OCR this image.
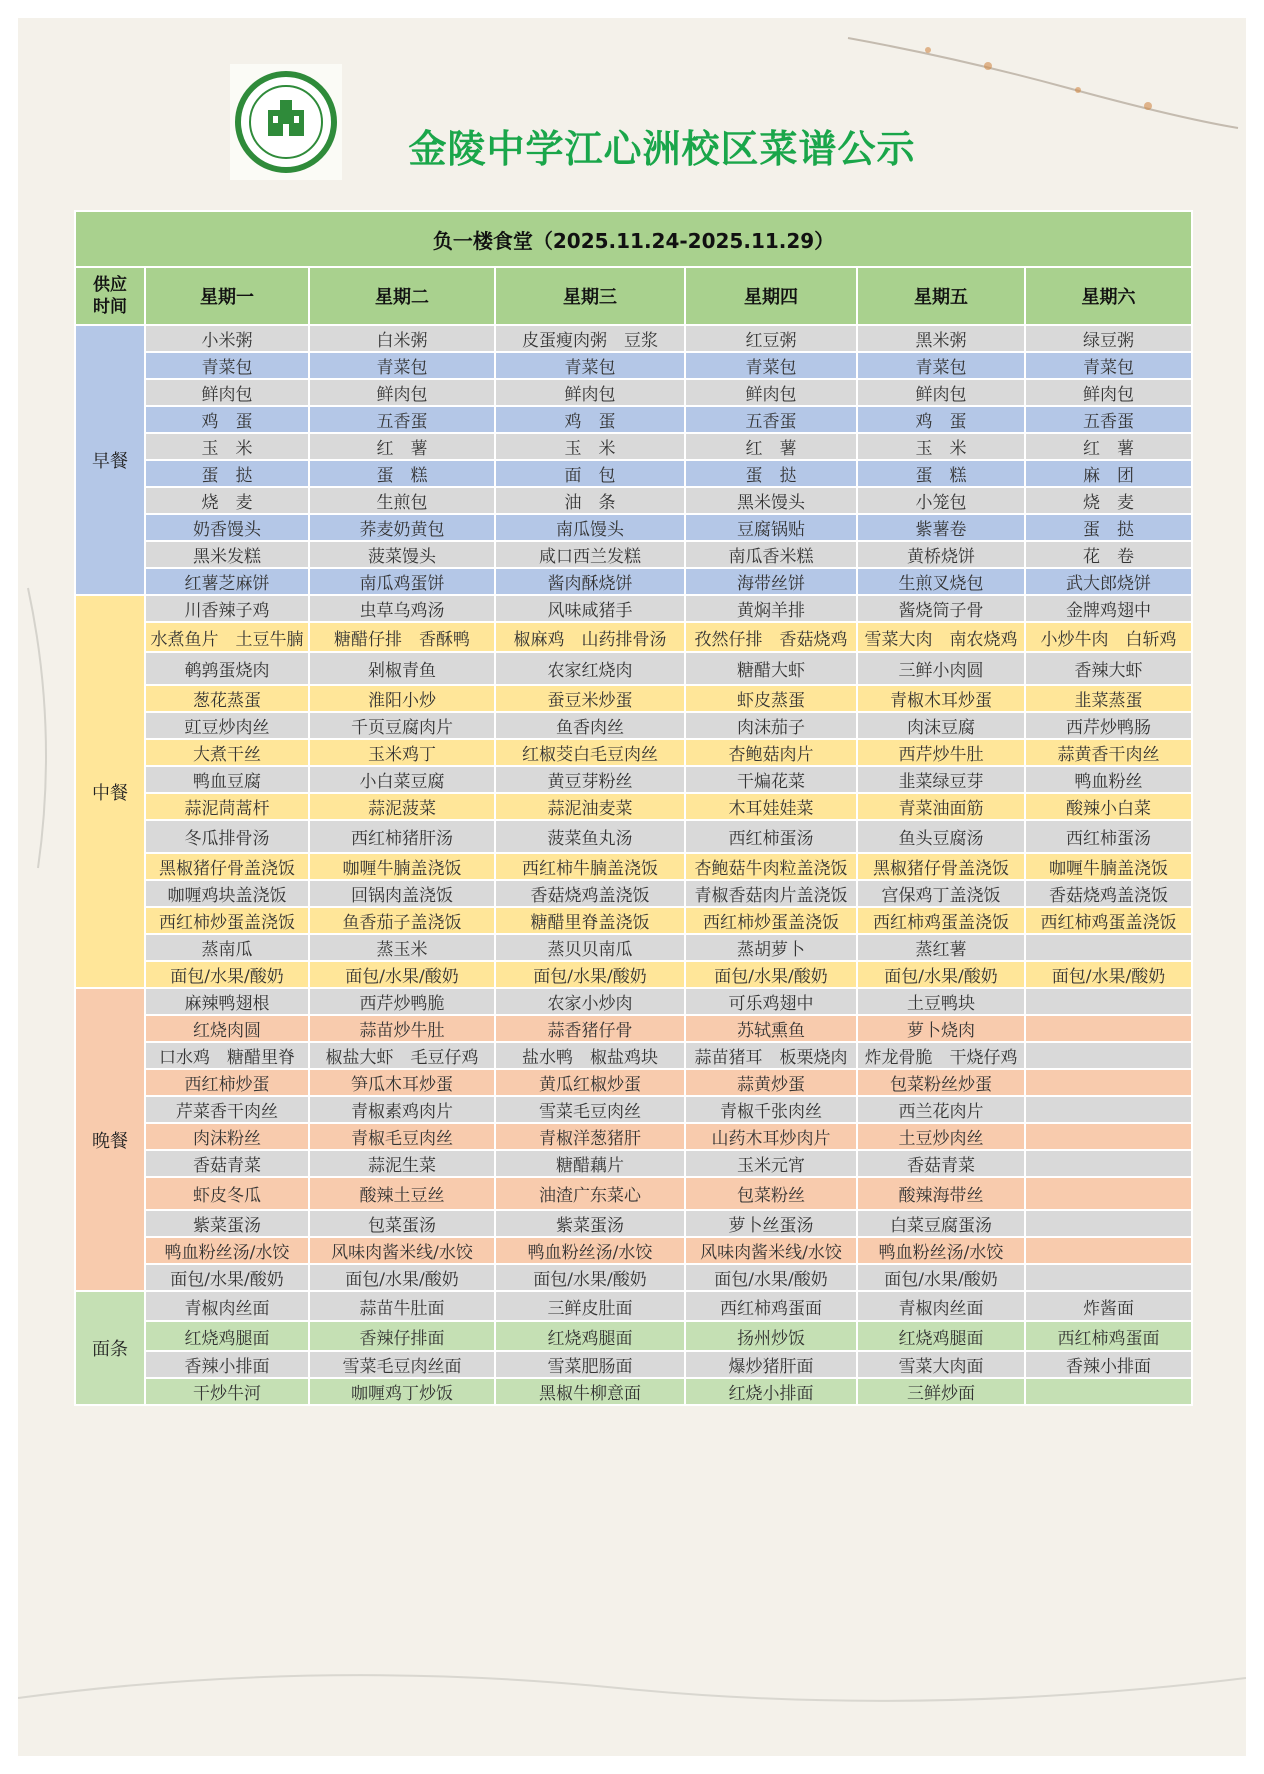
金陵中学江心洲校区菜谱公示
负一楼食堂（2025.11.24-2025.11.29）						
供应
时间	星期一	星期二	星期三	星期四	星期五	星期六
早餐	小米粥	白米粥	皮蛋瘦肉粥　豆浆	红豆粥	黑米粥	绿豆粥
	青菜包	青菜包	青菜包	青菜包	青菜包	青菜包
	鲜肉包	鲜肉包	鲜肉包	鲜肉包	鲜肉包	鲜肉包
	鸡　蛋	五香蛋	鸡　蛋	五香蛋	鸡　蛋	五香蛋
	玉　米	红　薯	玉　米	红　薯	玉　米	红　薯
	蛋　挞	蛋　糕	面　包	蛋　挞	蛋　糕	麻　团
	烧　麦	生煎包	油　条	黑米馒头	小笼包	烧　麦
	奶香馒头	荞麦奶黄包	南瓜馒头	豆腐锅贴	紫薯卷	蛋　挞
	黑米发糕	菠菜馒头	咸口西兰发糕	南瓜香米糕	黄桥烧饼	花　卷
	红薯芝麻饼	南瓜鸡蛋饼	酱肉酥烧饼	海带丝饼	生煎叉烧包	武大郎烧饼
中餐	川香辣子鸡	虫草乌鸡汤	风味咸猪手	黄焖羊排	酱烧筒子骨	金牌鸡翅中
	水煮鱼片　土豆牛腩	糖醋仔排　香酥鸭	椒麻鸡　山药排骨汤	孜然仔排　香菇烧鸡	雪菜大肉　南农烧鸡	小炒牛肉　白斩鸡
	鹌鹑蛋烧肉	剁椒青鱼	农家红烧肉	糖醋大虾	三鲜小肉圆	香辣大虾
	葱花蒸蛋	淮阳小炒	蚕豆米炒蛋	虾皮蒸蛋	青椒木耳炒蛋	韭菜蒸蛋
	豇豆炒肉丝	千页豆腐肉片	鱼香肉丝	肉沫茄子	肉沫豆腐	西芹炒鸭肠
	大煮干丝	玉米鸡丁	红椒茭白毛豆肉丝	杏鲍菇肉片	西芹炒牛肚	蒜黄香干肉丝
	鸭血豆腐	小白菜豆腐	黄豆芽粉丝	干煸花菜	韭菜绿豆芽	鸭血粉丝
	蒜泥茼蒿杆	蒜泥菠菜	蒜泥油麦菜	木耳娃娃菜	青菜油面筋	酸辣小白菜
	冬瓜排骨汤	西红柿猪肝汤	菠菜鱼丸汤	西红柿蛋汤	鱼头豆腐汤	西红柿蛋汤
	黑椒猪仔骨盖浇饭	咖喱牛腩盖浇饭	西红柿牛腩盖浇饭	杏鲍菇牛肉粒盖浇饭	黑椒猪仔骨盖浇饭	咖喱牛腩盖浇饭
	咖喱鸡块盖浇饭	回锅肉盖浇饭	香菇烧鸡盖浇饭	青椒香菇肉片盖浇饭	宫保鸡丁盖浇饭	香菇烧鸡盖浇饭
	西红柿炒蛋盖浇饭	鱼香茄子盖浇饭	糖醋里脊盖浇饭	西红柿炒蛋盖浇饭	西红柿鸡蛋盖浇饭	西红柿鸡蛋盖浇饭
	蒸南瓜	蒸玉米	蒸贝贝南瓜	蒸胡萝卜	蒸红薯	
	面包/水果/酸奶	面包/水果/酸奶	面包/水果/酸奶	面包/水果/酸奶	面包/水果/酸奶	面包/水果/酸奶
晚餐	麻辣鸭翅根	西芹炒鸭脆	农家小炒肉	可乐鸡翅中	土豆鸭块	
	红烧肉圆	蒜苗炒牛肚	蒜香猪仔骨	苏轼熏鱼	萝卜烧肉	
	口水鸡　糖醋里脊	椒盐大虾　毛豆仔鸡	盐水鸭　椒盐鸡块	蒜苗猪耳　板栗烧肉	炸龙骨脆　干烧仔鸡	
	西红柿炒蛋	笋瓜木耳炒蛋	黄瓜红椒炒蛋	蒜黄炒蛋	包菜粉丝炒蛋	
	芹菜香干肉丝	青椒素鸡肉片	雪菜毛豆肉丝	青椒千张肉丝	西兰花肉片	
	肉沫粉丝	青椒毛豆肉丝	青椒洋葱猪肝	山药木耳炒肉片	土豆炒肉丝	
	香菇青菜	蒜泥生菜	糖醋藕片	玉米元宵	香菇青菜	
	虾皮冬瓜	酸辣土豆丝	油渣广东菜心	包菜粉丝	酸辣海带丝	
	紫菜蛋汤	包菜蛋汤	紫菜蛋汤	萝卜丝蛋汤	白菜豆腐蛋汤	
	鸭血粉丝汤/水饺	风味肉酱米线/水饺	鸭血粉丝汤/水饺	风味肉酱米线/水饺	鸭血粉丝汤/水饺	
	面包/水果/酸奶	面包/水果/酸奶	面包/水果/酸奶	面包/水果/酸奶	面包/水果/酸奶	
面条	青椒肉丝面	蒜苗牛肚面	三鲜皮肚面	西红柿鸡蛋面	青椒肉丝面	炸酱面
	红烧鸡腿面	香辣仔排面	红烧鸡腿面	扬州炒饭	红烧鸡腿面	西红柿鸡蛋面
	香辣小排面	雪菜毛豆肉丝面	雪菜肥肠面	爆炒猪肝面	雪菜大肉面	香辣小排面
	干炒牛河	咖喱鸡丁炒饭	黑椒牛柳意面	红烧小排面	三鲜炒面	
